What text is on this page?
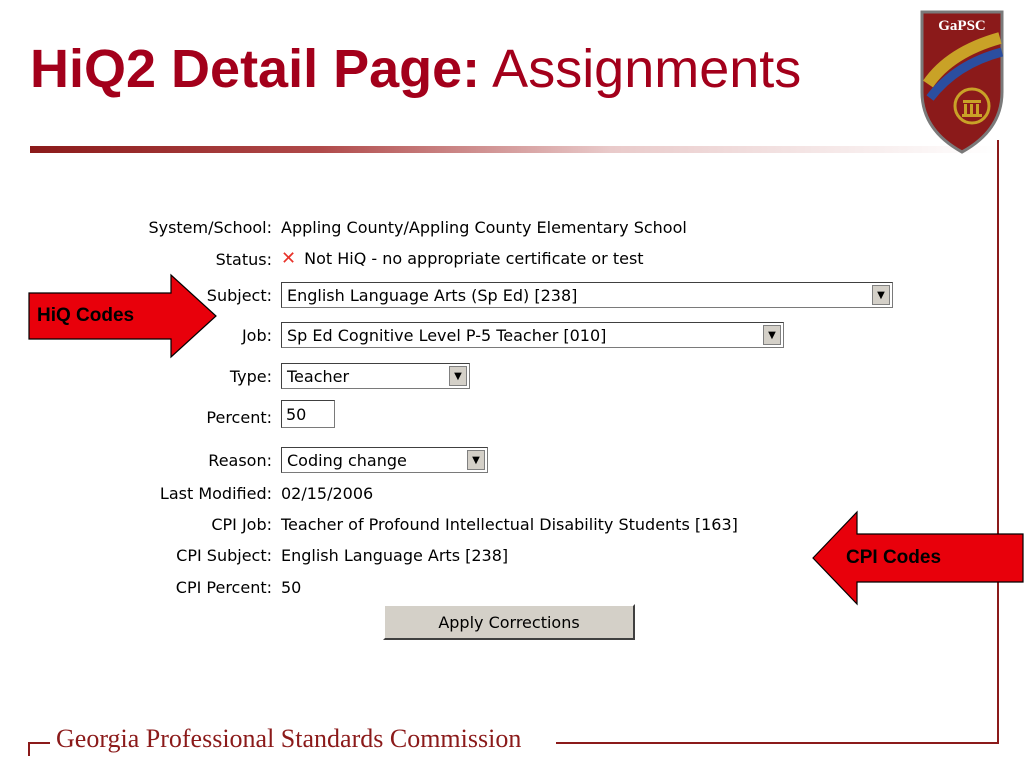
HiQ2 Detail Page: Assignments
GaPSC
Georgia Professional Standards Commission
System/School: Appling County/Appling County Elementary School
Status: ✕ Not HiQ - no appropriate certificate or test
Subject: English Language Arts (Sp Ed) [238]	▼
Job: Sp Ed Cognitive Level P-5 Teacher [010]	▼
Type: Teacher	▼
Percent: 50
Reason: Coding change	▼
Last Modified: 02/15/2006
CPI Job: Teacher of Profound Intellectual Disability Students [163]
CPI Subject: English Language Arts [238]
CPI Percent: 50
Apply Corrections
HiQ Codes
CPI Codes
